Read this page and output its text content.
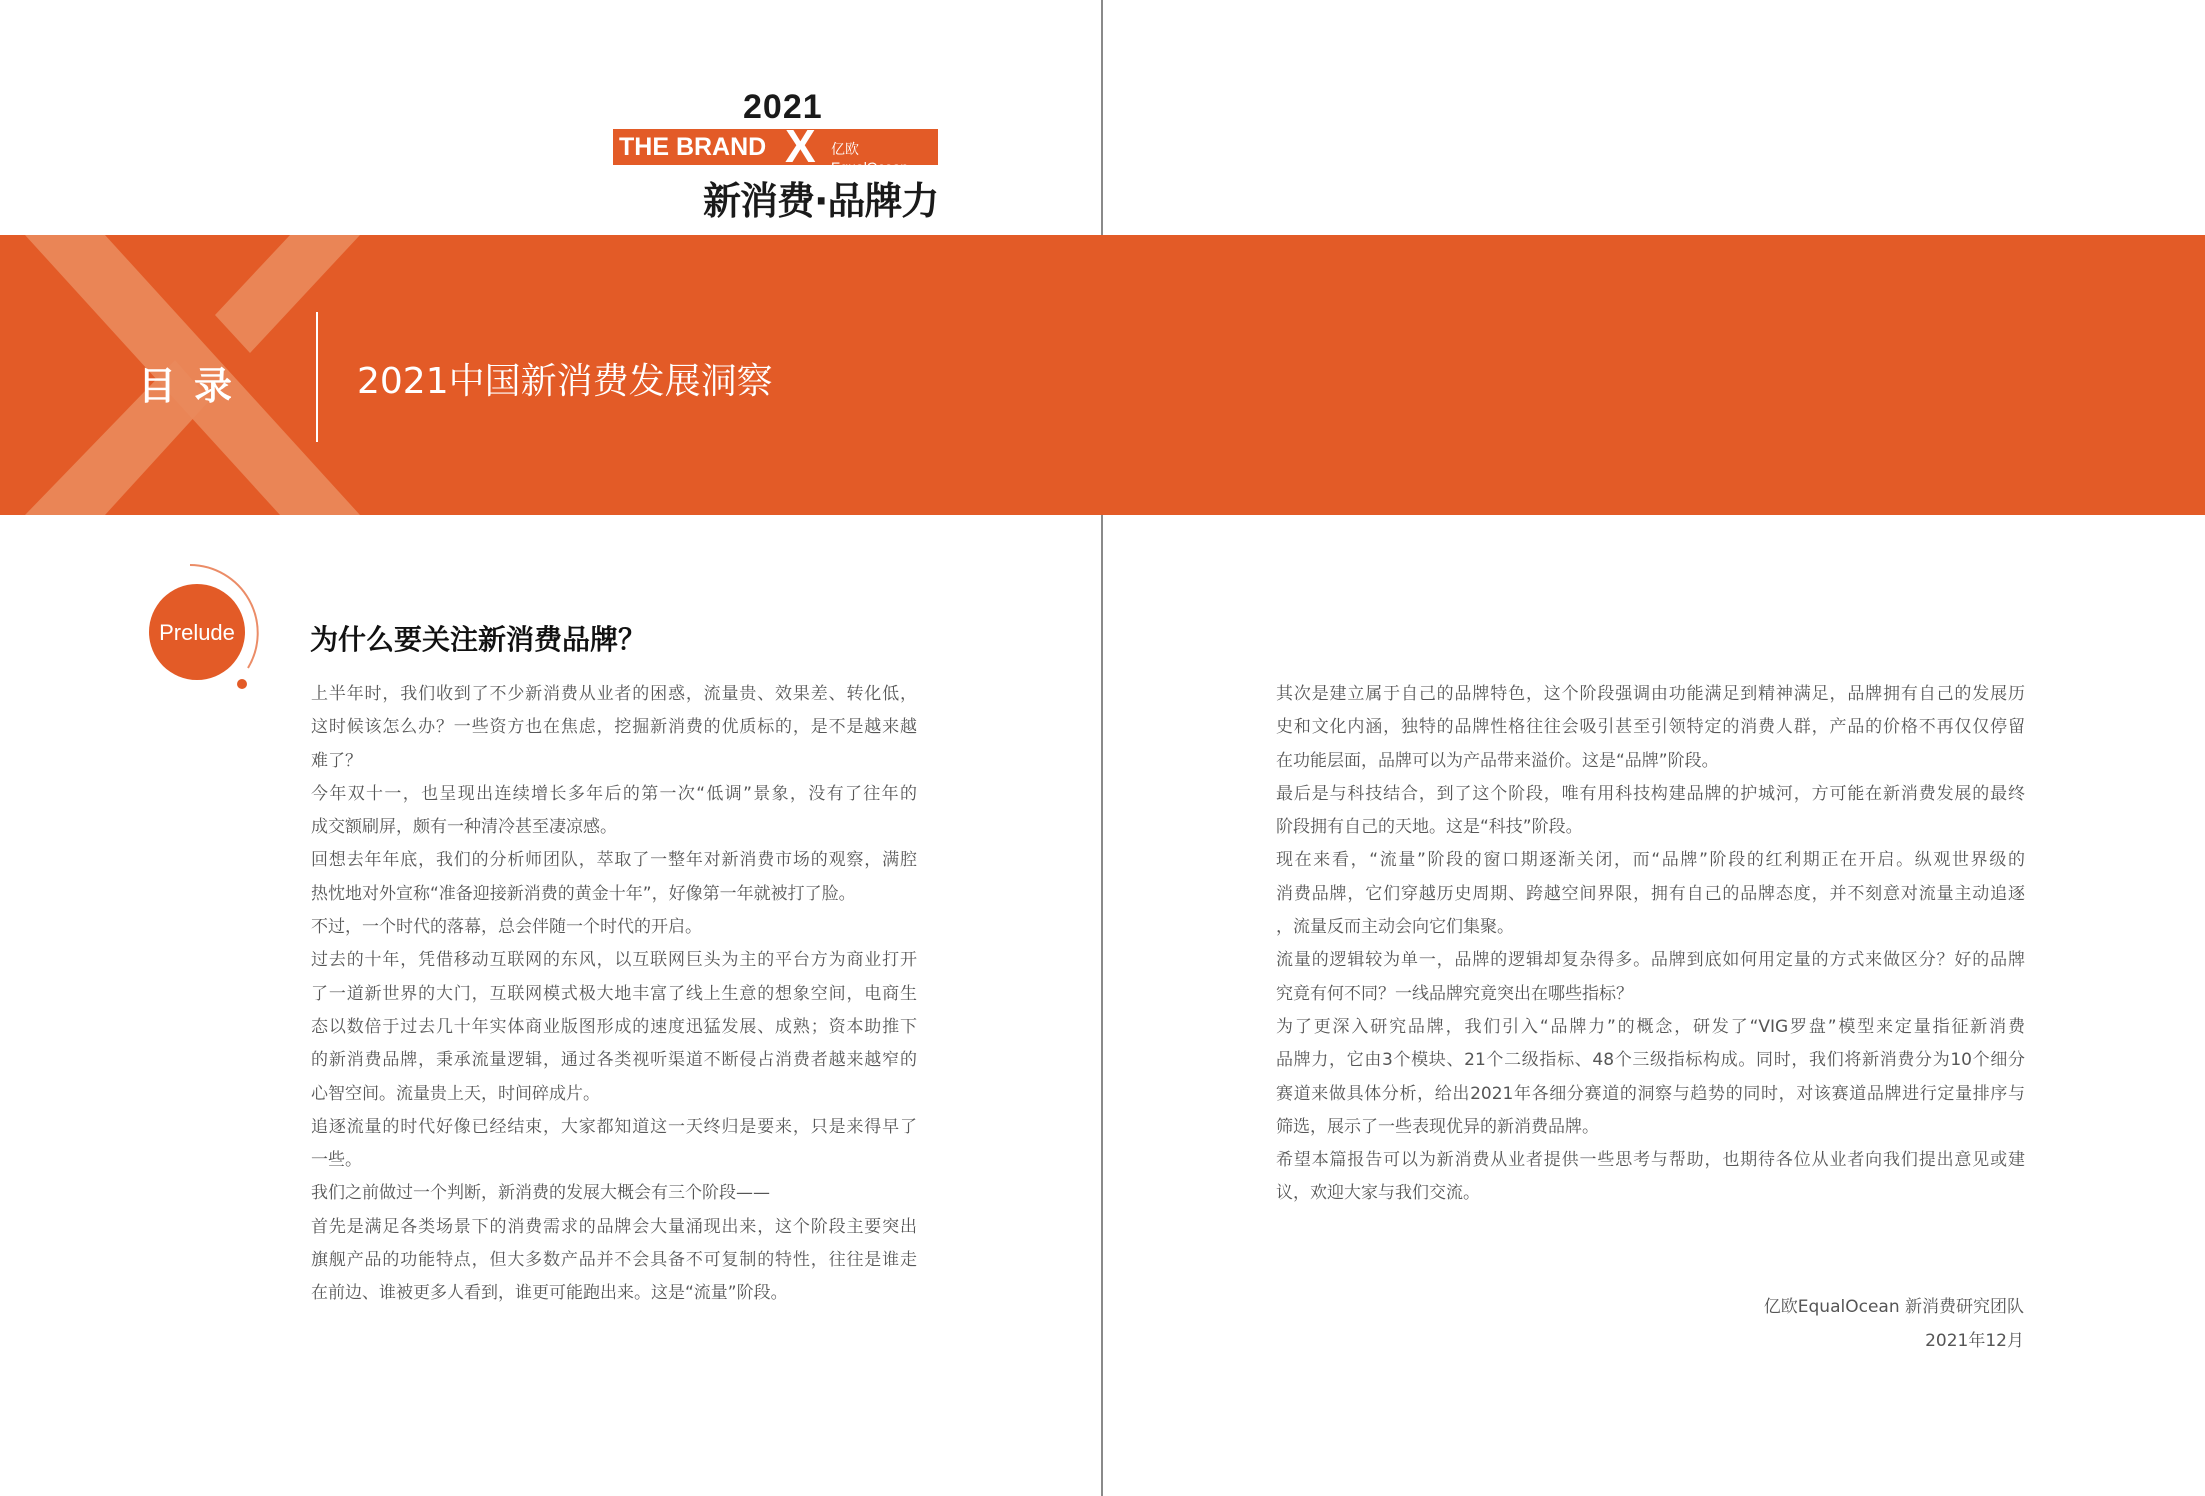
2021
THE BRAND X 亿欧 EqualOcean
新消费·品牌力
目录	2021中国新消费发展洞察
Prelude	为什么要关注新消费品牌？
上半年时，我们收到了不少新消费从业者的困惑，流量贵、效果差、转化低，
这时候该怎么办？一些资方也在焦虑，挖掘新消费的优质标的，是不是越来越
难了？
今年双十一，也呈现出连续增长多年后的第一次“低调”景象，没有了往年的
成交额刷屏，颇有一种清冷甚至凄凉感。
回想去年年底，我们的分析师团队，萃取了一整年对新消费市场的观察，满腔
热忱地对外宣称“准备迎接新消费的黄金十年”，好像第一年就被打了脸。
不过，一个时代的落幕，总会伴随一个时代的开启。
过去的十年，凭借移动互联网的东风，以互联网巨头为主的平台方为商业打开
了一道新世界的大门，互联网模式极大地丰富了线上生意的想象空间，电商生
态以数倍于过去几十年实体商业版图形成的速度迅猛发展、成熟；资本助推下
的新消费品牌，秉承流量逻辑，通过各类视听渠道不断侵占消费者越来越窄的
心智空间。流量贵上天，时间碎成片。
追逐流量的时代好像已经结束，大家都知道这一天终归是要来，只是来得早了
一些。
我们之前做过一个判断，新消费的发展大概会有三个阶段——
首先是满足各类场景下的消费需求的品牌会大量涌现出来，这个阶段主要突出
旗舰产品的功能特点，但大多数产品并不会具备不可复制的特性，往往是谁走
在前边、谁被更多人看到，谁更可能跑出来。这是“流量”阶段。
其次是建立属于自己的品牌特色，这个阶段强调由功能满足到精神满足，品牌拥有自己的发展历
史和文化内涵，独特的品牌性格往往会吸引甚至引领特定的消费人群，产品的价格不再仅仅停留
在功能层面，品牌可以为产品带来溢价。这是“品牌”阶段。
最后是与科技结合，到了这个阶段，唯有用科技构建品牌的护城河，方可能在新消费发展的最终
阶段拥有自己的天地。这是“科技”阶段。
现在来看，“流量”阶段的窗口期逐渐关闭，而“品牌”阶段的红利期正在开启。纵观世界级的
消费品牌，它们穿越历史周期、跨越空间界限，拥有自己的品牌态度，并不刻意对流量主动追逐
，流量反而主动会向它们集聚。
流量的逻辑较为单一，品牌的逻辑却复杂得多。品牌到底如何用定量的方式来做区分？好的品牌
究竟有何不同？一线品牌究竟突出在哪些指标？
为了更深入研究品牌，我们引入“品牌力”的概念，研发了“VIG罗盘”模型来定量指征新消费
品牌力，它由3个模块、21个二级指标、48个三级指标构成。同时，我们将新消费分为10个细分
赛道来做具体分析，给出2021年各细分赛道的洞察与趋势的同时，对该赛道品牌进行定量排序与
筛选，展示了一些表现优异的新消费品牌。
希望本篇报告可以为新消费从业者提供一些思考与帮助，也期待各位从业者向我们提出意见或建
议，欢迎大家与我们交流。
亿欧EqualOcean 新消费研究团队
2021年12月
